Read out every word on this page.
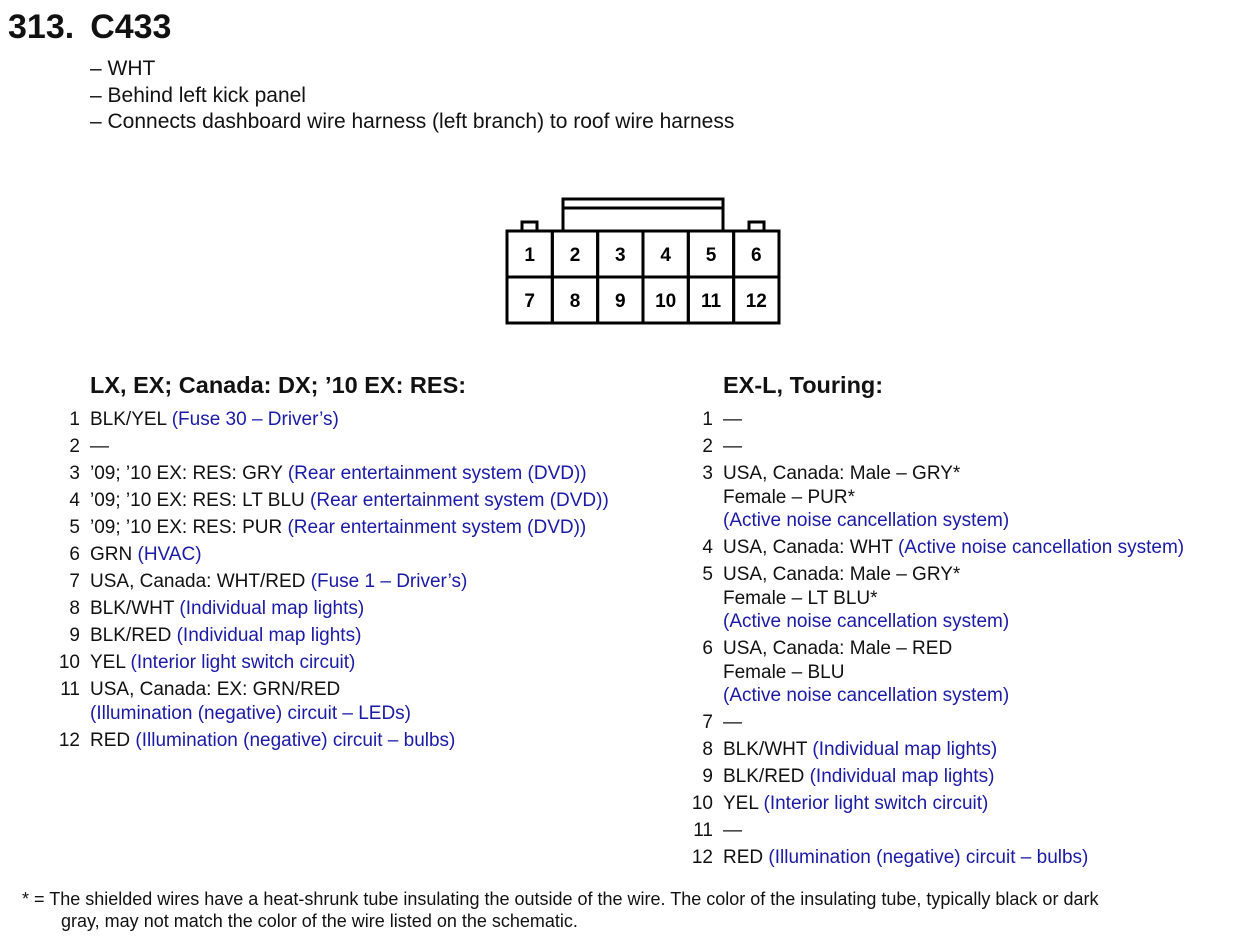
313. C433
– WHT
– Behind left kick panel
– Connects dashboard wire harness (left branch) to roof wire harness
1 2 3 4 5 6
7 8 9 10 11 12
LX, EX; Canada: DX; ’10 EX: RES:
1 BLK/YEL (Fuse 30 – Driver’s)
2 —
3 ’09; ’10 EX: RES: GRY (Rear entertainment system (DVD))
4 ’09; ’10 EX: RES: LT BLU (Rear entertainment system (DVD))
5 ’09; ’10 EX: RES: PUR (Rear entertainment system (DVD))
6 GRN (HVAC)
7 USA, Canada: WHT/RED (Fuse 1 – Driver’s)
8 BLK/WHT (Individual map lights)
9 BLK/RED (Individual map lights)
10 YEL (Interior light switch circuit)
11 USA, Canada: EX: GRN/RED
(Illumination (negative) circuit – LEDs)
12 RED (Illumination (negative) circuit – bulbs)
EX-L, Touring:
1 —
2 —
3 USA, Canada: Male – GRY*
Female – PUR*
(Active noise cancellation system)
4 USA, Canada: WHT (Active noise cancellation system)
5 USA, Canada: Male – GRY*
Female – LT BLU*
(Active noise cancellation system)
6 USA, Canada: Male – RED
Female – BLU
(Active noise cancellation system)
7 —
8 BLK/WHT (Individual map lights)
9 BLK/RED (Individual map lights)
10 YEL (Interior light switch circuit)
11 —
12 RED (Illumination (negative) circuit – bulbs)
* = The shielded wires have a heat-shrunk tube insulating the outside of the wire. The color of the insulating tube, typically black or dark
gray, may not match the color of the wire listed on the schematic.
